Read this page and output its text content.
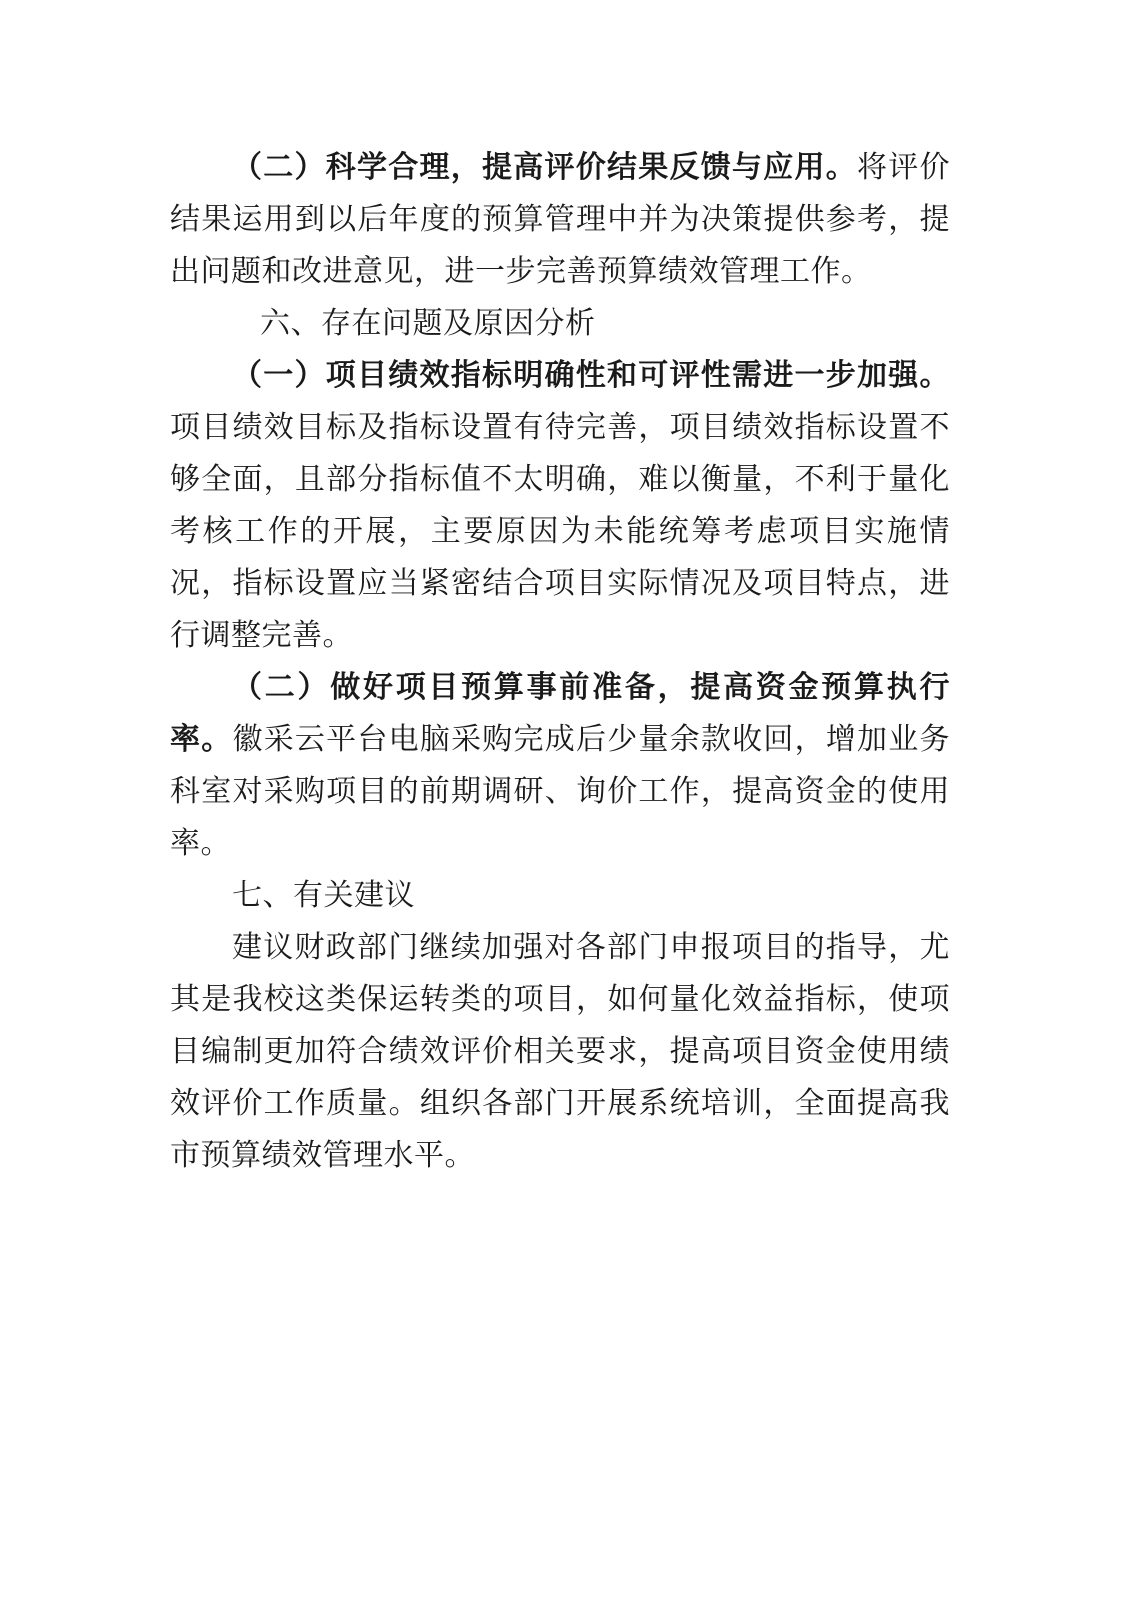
（二）科学合理，提高评价结果反馈与应用。将评价结果运用到以后年度的预算管理中并为决策提供参考，提出问题和改进意见，进一步完善预算绩效管理工作。

六、存在问题及原因分析

（一）项目绩效指标明确性和可评性需进一步加强。项目绩效目标及指标设置有待完善，项目绩效指标设置不够全面，且部分指标值不太明确，难以衡量，不利于量化考核工作的开展，主要原因为未能统筹考虑项目实施情况，指标设置应当紧密结合项目实际情况及项目特点，进行调整完善。

（二）做好项目预算事前准备，提高资金预算执行率。徽采云平台电脑采购完成后少量余款收回，增加业务科室对采购项目的前期调研、询价工作，提高资金的使用率。

七、有关建议

建议财政部门继续加强对各部门申报项目的指导，尤其是我校这类保运转类的项目，如何量化效益指标，使项目编制更加符合绩效评价相关要求，提高项目资金使用绩效评价工作质量。组织各部门开展系统培训，全面提高我市预算绩效管理水平。
